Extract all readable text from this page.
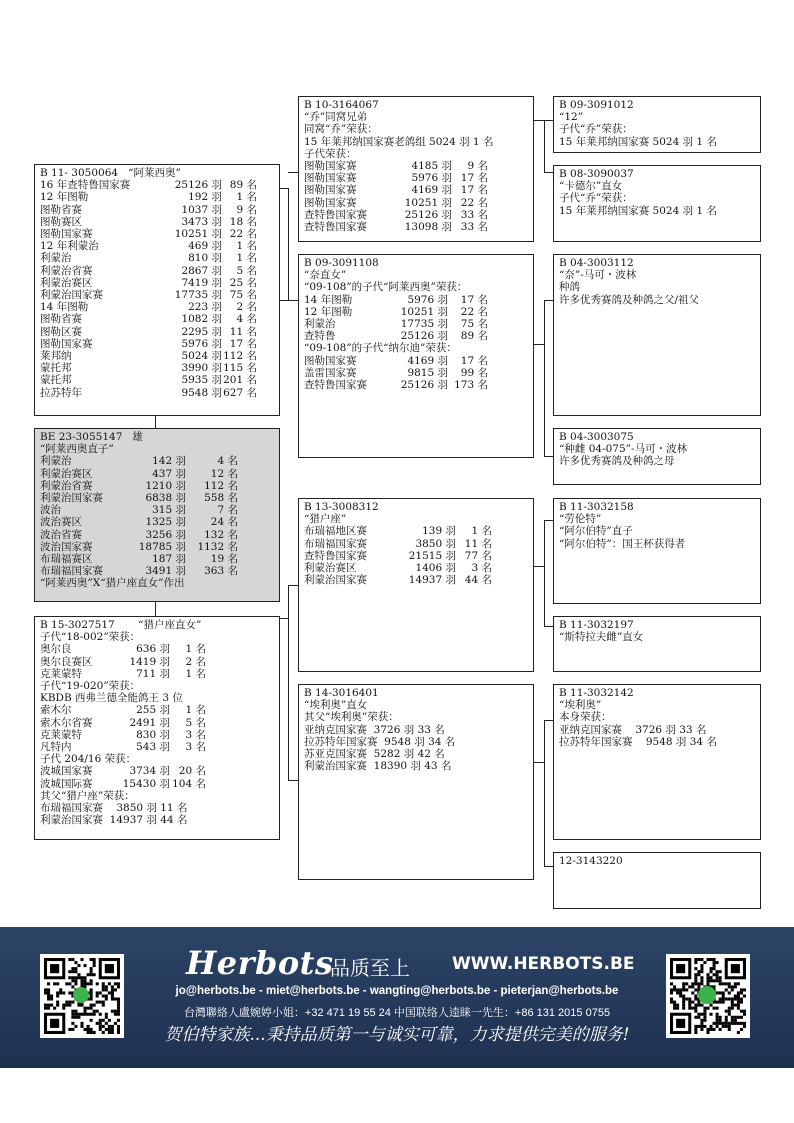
B 11- 3050064 “阿莱西奥”
16 年查特鲁国家赛	25126 羽 89 名
12 年图勒	192 羽	1 名
图勒省赛	1037 羽	9 名
图勒赛区	3473 羽 18 名
图勒国家赛	10251 羽 22 名
12 年利蒙治	469 羽	1 名
利蒙治	810 羽	1 名
利蒙治省赛	2867 羽	5 名
利蒙治赛区	7419 羽 25 名
利蒙治国家赛	17735 羽 75 名
14 年图勒	223 羽	2 名
图勒省赛	1082 羽	4 名
图勒区赛	2295 羽 11 名
图勒国家赛	5976 羽 17 名
莱邦纳	5024 羽 112 名
蒙托邦	3990 羽 115 名
蒙托邦	5935 羽 201 名
拉苏特年	9548 羽 627 名
BE 23-3055147 雄
“阿莱西奥直子”
利蒙治	142 羽	4 名
利蒙治赛区	437 羽	12 名
利蒙治省赛	1210 羽	112 名
利蒙治国家赛	6838 羽	558 名
波治	315 羽	7 名
波治赛区	1325 羽	24 名
波治省赛	3256 羽	132 名
波治国家赛	18785 羽	1132 名
布瑞福赛区	187 羽	19 名
布瑞福国家赛	3491 羽	363 名
“阿莱西奥”X“猎户座直女”作出
B 15-3027517 “猎户座直女”
子代“18-002”荣获：
奥尔良	636 羽	1 名
奥尔良赛区	1419 羽	2 名
克莱蒙特	711 羽	1 名
子代“19-020”荣获：
KBDB 西弗兰德全能鸽王 3 位
索木尔	255 羽	1 名
索木尔省赛	2491 羽	5 名
克莱蒙特	830 羽	3 名
凡特内	543 羽	3 名
子代 204/16 荣获：
波城国家赛	3734 羽 20 名
波城国际赛	15430 羽 104 名
其父“猎户座”荣获：
布瑞福国家赛    3850 羽 11 名
利蒙治国家赛  14937 羽 44 名
B 10-3164067
“乔”同窝兄弟
同窝“乔”荣获：
15 年莱邦纳国家赛老鸽组 5024 羽 1 名
子代荣获：
图勒国家赛	4185 羽	9 名
图勒国家赛	5976 羽 17 名
图勒国家赛	4169 羽 17 名
图勒国家赛	10251 羽 22 名
查特鲁国家赛	25126 羽 33 名
查特鲁国家赛	13098 羽 33 名
B 09-3091108
“奈直女”
“09-108”的子代“阿莱西奥”荣获：
14 年图勒	5976 羽	17 名
12 年图勒	10251 羽	22 名
利蒙治	17735 羽	75 名
查特鲁	25126 羽	89 名
“09-108”的子代“纳尔迪”荣获：
图勒国家赛	4169 羽	17 名
盖雷国家赛	9815 羽	99 名
查特鲁国家赛	25126 羽 173 名
B 13-3008312
“猎户座”
布瑞福地区赛	139 羽	1 名
布瑞福国家赛	3850 羽 11 名
查特鲁国家赛	21515 羽 77 名
利蒙治赛区	1406 羽	3 名
利蒙治国家赛	14937 羽 44 名
B 14-3016401
“埃利奥”直女
其父“埃利奥”荣获：
亚纳克国家赛  3726 羽 33 名
拉苏特年国家赛  9548 羽 34 名
苏亚克国家赛  5282 羽 42 名
利蒙治国家赛  18390 羽 43 名
B 09-3091012
“12”
子代“乔”荣获：
15 年莱邦纳国家赛 5024 羽 1 名
B 08-3090037
“卡德尔”直女
子代“乔”荣获：
15 年莱邦纳国家赛 5024 羽 1 名
B 04-3003112
“奈”-马可・波林
种鸽
许多优秀赛鸽及种鸽之父/祖父
B 04-3003075
“种雌 04-075”-马可・波林
许多优秀赛鸽及种鸽之母
B 11-3032158
“劳伦特”
“阿尔伯特”直子
“阿尔伯特”：国王杯获得者
B 11-3032197
“斯特拉夫雌”直女
B 11-3032142
“埃利奥”
本身荣获：
亚纳克国家赛    3726 羽 33 名
拉苏特年国家赛    9548 羽 34 名
12-3143220
Herbots
品质至上 WWW.HERBOTS.BE
jo@herbots.be - miet@herbots.be - wangting@herbots.be - pieterjan@herbots.be
台灣聯絡人盧婉婷小姐：+32 471 19 55 24 中国联络人逵睐一先生：+86 131 2015 0755
贺伯特家族...秉持品质第一与诚实可靠，力求提供完美的服务!
